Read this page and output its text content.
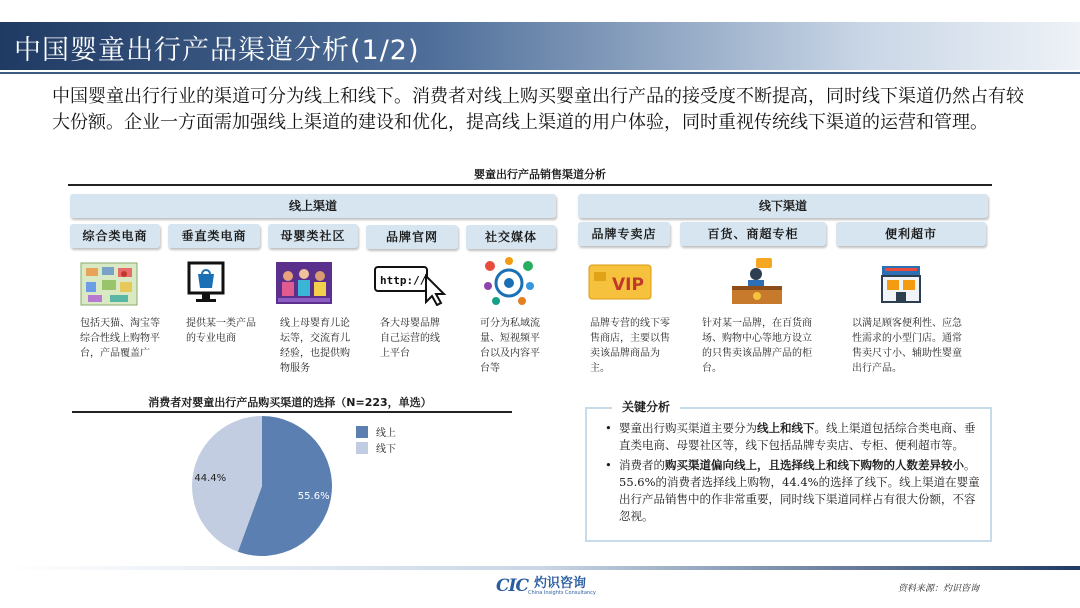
中国婴童出行产品渠道分析(1/2)
中国婴童出行行业的渠道可分为线上和线下。消费者对线上购买婴童出行产品的接受度不断提高，同时线下渠道仍然占有较大份额。企业一方面需加强线上渠道的建设和优化，提高线上渠道的用户体验，同时重视传统线下渠道的运营和管理。
婴童出行产品销售渠道分析
线上渠道	线下渠道
综合类电商	垂直类电商	母婴类社区	品牌官网	社交媒体	品牌专卖店	百货、商超专柜	便利超市
http://	VIP
包括天猫、淘宝等综合性线上购物平台，产品覆盖广
提供某一类产品的专业电商
线上母婴育儿论坛等，交流育儿经验，也提供购物服务
各大母婴品牌自己运营的线上平台
可分为私域流量、短视频平台以及内容平台等
品牌专营的线下零售商店，主要以售卖该品牌商品为主。
针对某一品牌，在百货商场、购物中心等地方设立的只售卖该品牌产品的柜台。
以满足顾客便利性、应急性需求的小型门店。通常售卖尺寸小、辅助性婴童出行产品。
消费者对婴童出行产品购买渠道的选择（N=223，单选）
55.6%
44.4%
线上
线下
关键分析
• 婴童出行购买渠道主要分为线上和线下。线上渠道包括综合类电商、垂直类电商、母婴社区等，线下包括品牌专卖店、专柜、便利超市等。
• 消费者的购买渠道偏向线上，且选择线上和线下购物的人数差异较小。55.6%的消费者选择线上购物，44.4%的选择了线下。线上渠道在婴童出行产品销售中的作非常重要，同时线下渠道同样占有很大份额，不容忽视。
CIC 灼识咨询
China Insights Consultancy	资料来源：灼识咨询
